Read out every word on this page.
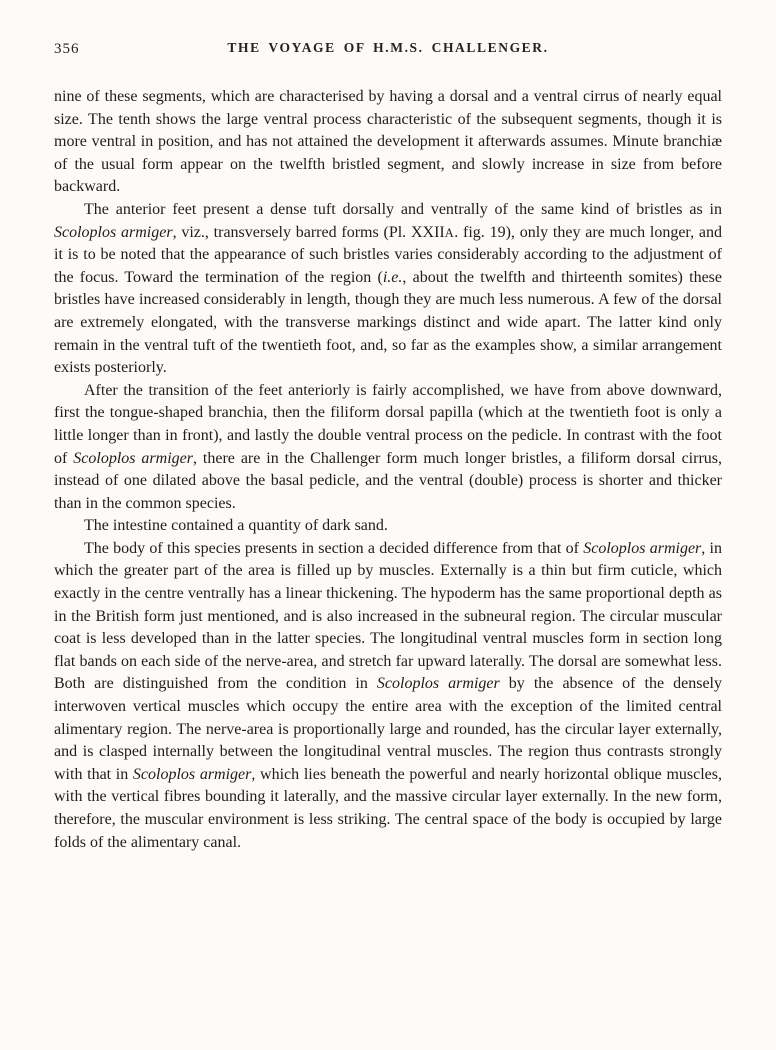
356	THE VOYAGE OF H.M.S. CHALLENGER.

nine of these segments, which are characterised by having a dorsal and a ventral cirrus of nearly equal size. The tenth shows the large ventral process characteristic of the subsequent segments, though it is more ventral in position, and has not attained the development it afterwards assumes. Minute branchiæ of the usual form appear on the twelfth bristled segment, and slowly increase in size from before backward.

The anterior feet present a dense tuft dorsally and ventrally of the same kind of bristles as in Scoloplos armiger, viz., transversely barred forms (Pl. XXIIA. fig. 19), only they are much longer, and it is to be noted that the appearance of such bristles varies considerably according to the adjustment of the focus. Toward the termination of the region (i.e., about the twelfth and thirteenth somites) these bristles have increased considerably in length, though they are much less numerous. A few of the dorsal are extremely elongated, with the transverse markings distinct and wide apart. The latter kind only remain in the ventral tuft of the twentieth foot, and, so far as the examples show, a similar arrangement exists posteriorly.

After the transition of the feet anteriorly is fairly accomplished, we have from above downward, first the tongue-shaped branchia, then the filiform dorsal papilla (which at the twentieth foot is only a little longer than in front), and lastly the double ventral process on the pedicle. In contrast with the foot of Scoloplos armiger, there are in the Challenger form much longer bristles, a filiform dorsal cirrus, instead of one dilated above the basal pedicle, and the ventral (double) process is shorter and thicker than in the common species.

The intestine contained a quantity of dark sand.

The body of this species presents in section a decided difference from that of Scoloplos armiger, in which the greater part of the area is filled up by muscles. Externally is a thin but firm cuticle, which exactly in the centre ventrally has a linear thickening. The hypoderm has the same proportional depth as in the British form just mentioned, and is also increased in the subneural region. The circular muscular coat is less developed than in the latter species. The longitudinal ventral muscles form in section long flat bands on each side of the nerve-area, and stretch far upward laterally. The dorsal are somewhat less. Both are distinguished from the condition in Scoloplos armiger by the absence of the densely interwoven vertical muscles which occupy the entire area with the exception of the limited central alimentary region. The nerve-area is proportionally large and rounded, has the circular layer externally, and is clasped internally between the longitudinal ventral muscles. The region thus contrasts strongly with that in Scoloplos armiger, which lies beneath the powerful and nearly horizontal oblique muscles, with the vertical fibres bounding it laterally, and the massive circular layer externally. In the new form, therefore, the muscular environment is less striking. The central space of the body is occupied by large folds of the alimentary canal.
